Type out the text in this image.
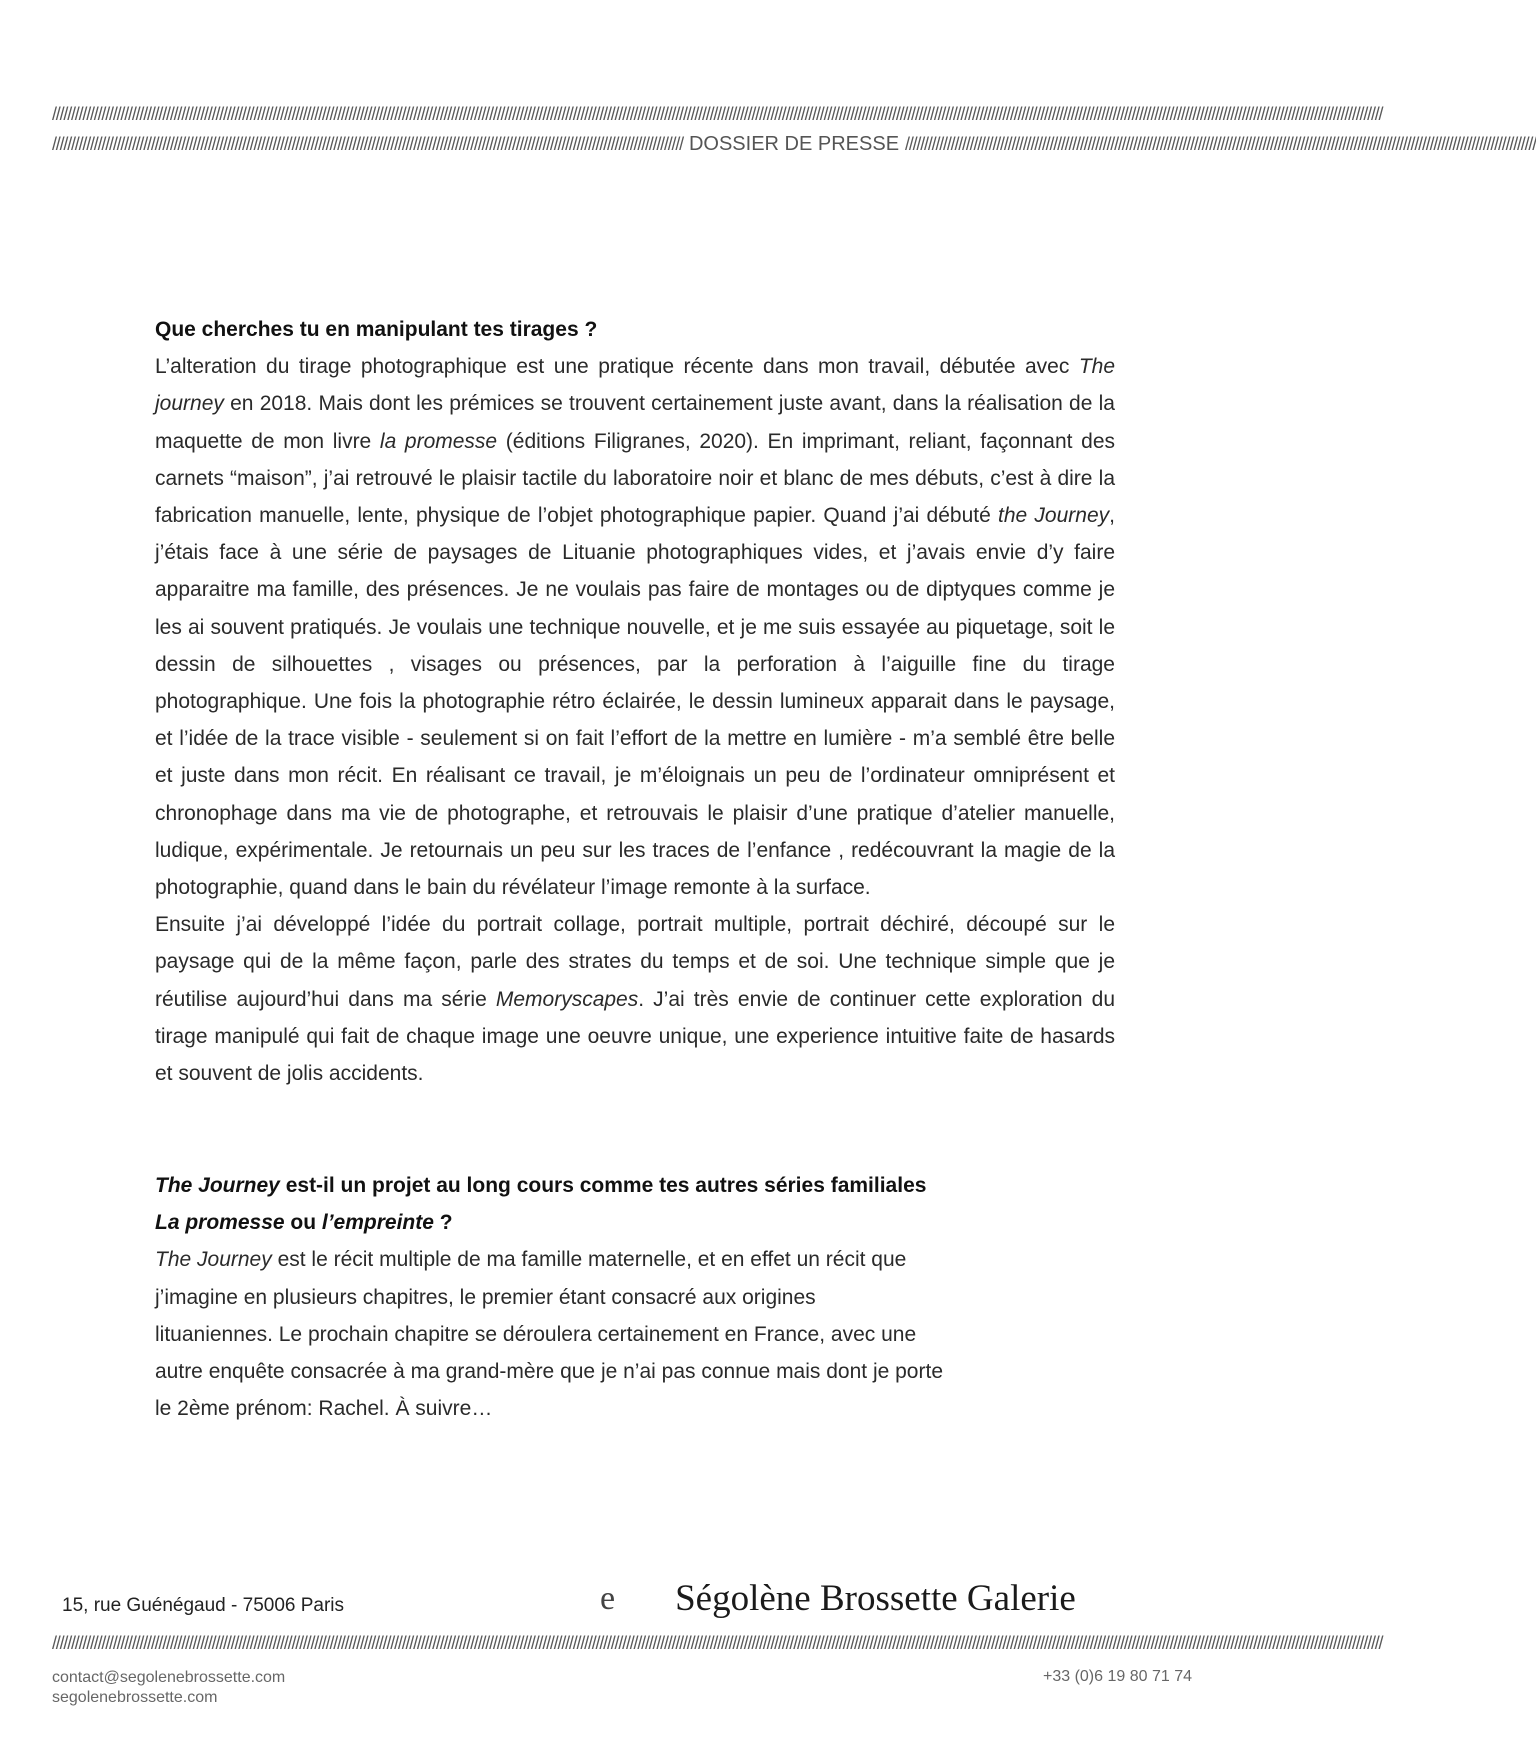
//////////////////////////////////////////////////////////////////////////////////////////////////////////////////////////////////////////////////////////////////////////////////////////////////////////////////////////////////////////////////////////////////////////////////////////////////////////////////////////////////////////////////////////////
////////////////////////////////////////////////////////////////////////////////////////////////////////////////////////////////////////////////////////////////////// DOSSIER DE PRESSE //////////////////////////////////////////////////////////////////////////////////////////////////////////////////////////////////////////////////////////////////////
Que cherches tu en manipulant tes tirages ?
L’alteration du tirage photographique est une pratique récente dans mon travail, débutée avec The journey en 2018. Mais dont les prémices se trouvent certainement juste avant, dans la réalisation de la maquette de mon livre la promesse (éditions Filigranes, 2020). En imprimant, reliant, façonnant des carnets “maison”, j’ai retrouvé le plaisir tactile du laboratoire noir et blanc de mes débuts, c’est à dire la fabrication manuelle, lente, physique de l’objet photographique papier. Quand j’ai débuté the Journey, j’étais face à une série de paysages de Lituanie photographiques vides, et j’avais envie d’y faire apparaitre ma famille, des présences. Je ne voulais pas faire de montages ou de diptyques comme je les ai souvent pratiqués. Je voulais une technique nouvelle, et je me suis essayée au piquetage, soit le dessin de silhouettes , visages ou présences, par la perforation à l’aiguille fine du tirage photographique. Une fois la photographie rétro éclairée, le dessin lumineux apparait dans le paysage, et l’idée de la trace visible - seulement si on fait l’effort de la mettre en lumière - m’a semblé être belle et juste dans mon récit. En réalisant ce travail, je m’éloignais un peu de l’ordinateur omniprésent et chronophage dans ma vie de photographe, et retrouvais le plaisir d’une pratique d’atelier manuelle, ludique, expérimentale. Je retournais un peu sur les traces de l’enfance , redécouvrant la magie de la photographie, quand dans le bain du révélateur l’image remonte à la surface.
Ensuite j’ai développé l’idée du portrait collage, portrait multiple, portrait déchiré, découpé sur le paysage qui de la même façon, parle des strates du temps et de soi. Une technique simple que je réutilise aujourd’hui dans ma série Memoryscapes. J’ai très envie de continuer cette exploration du tirage manipulé qui fait de chaque image une oeuvre unique, une experience intuitive faite de hasards et souvent de jolis accidents.
The Journey est-il un projet au long cours comme tes autres séries familiales
La promesse ou l’empreinte ?
The Journey est le récit multiple de ma famille maternelle, et en effet un récit que
j’imagine en plusieurs chapitres, le premier étant consacré aux origines
lituaniennes. Le prochain chapitre se déroulera certainement en France, avec une
autre enquête consacrée à ma grand-mère que je n’ai pas connue mais dont je porte
le 2ème prénom: Rachel. À suivre…
15, rue Guénégaud - 75006 Paris	e Ségolène Brossette Galerie
//////////////////////////////////////////////////////////////////////////////////////////////////////////////////////////////////////////////////////////////////////////////////////////////////////////////////////////////////////////////////////////////////////////////////////////////////////////////////////////////////////////////////////////////
contact@segolenebrossette.com
segolenebrossette.com
+33 (0)6 19 80 71 74
